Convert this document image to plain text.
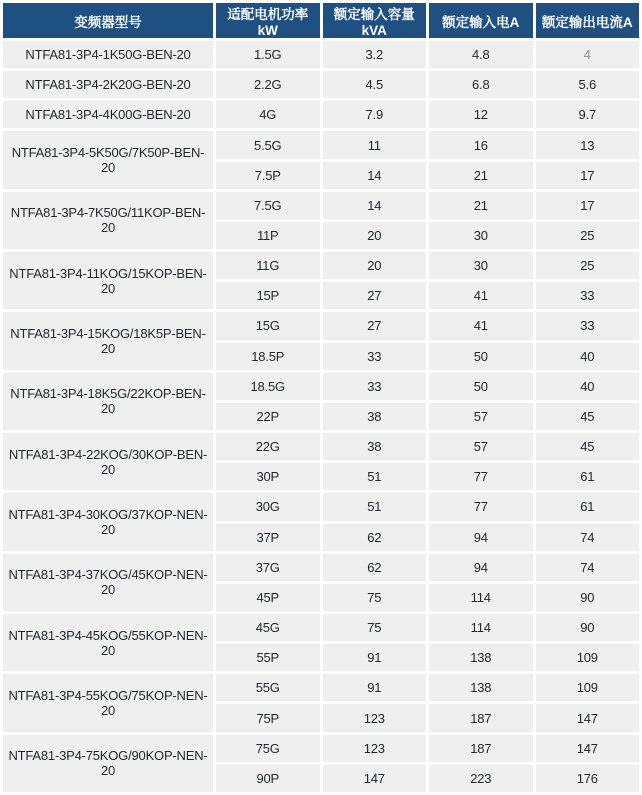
变频器型号	适配电机功率kW	额定输入容量kVA	额定输入电A	额定输出电流A
NTFA81-3P4-1K50G-BEN-20	1.5G	3.2	4.8	4
NTFA81-3P4-2K20G-BEN-20	2.2G	4.5	6.8	5.6
NTFA81-3P4-4K00G-BEN-20	4G	7.9	12	9.7
NTFA81-3P4-5K50G/7K50P-BEN-20	5.5G	11	16	13
	7.5P	14	21	17
NTFA81-3P4-7K50G/11KOP-BEN-20	7.5G	14	21	17
	11P	20	30	25
NTFA81-3P4-11KOG/15KOP-BEN-20	11G	20	30	25
	15P	27	41	33
NTFA81-3P4-15KOG/18K5P-BEN-20	15G	27	41	33
	18.5P	33	50	40
NTFA81-3P4-18K5G/22KOP-BEN-20	18.5G	33	50	40
	22P	38	57	45
NTFA81-3P4-22KOG/30KOP-BEN-20	22G	38	57	45
	30P	51	77	61
NTFA81-3P4-30KOG/37KOP-NEN-20	30G	51	77	61
	37P	62	94	74
NTFA81-3P4-37KOG/45KOP-NEN-20	37G	62	94	74
	45P	75	114	90
NTFA81-3P4-45KOG/55KOP-NEN-20	45G	75	114	90
	55P	91	138	109
NTFA81-3P4-55KOG/75KOP-NEN-20	55G	91	138	109
	75P	123	187	147
NTFA81-3P4-75KOG/90KOP-NEN-20	75G	123	187	147
	90P	147	223	176
